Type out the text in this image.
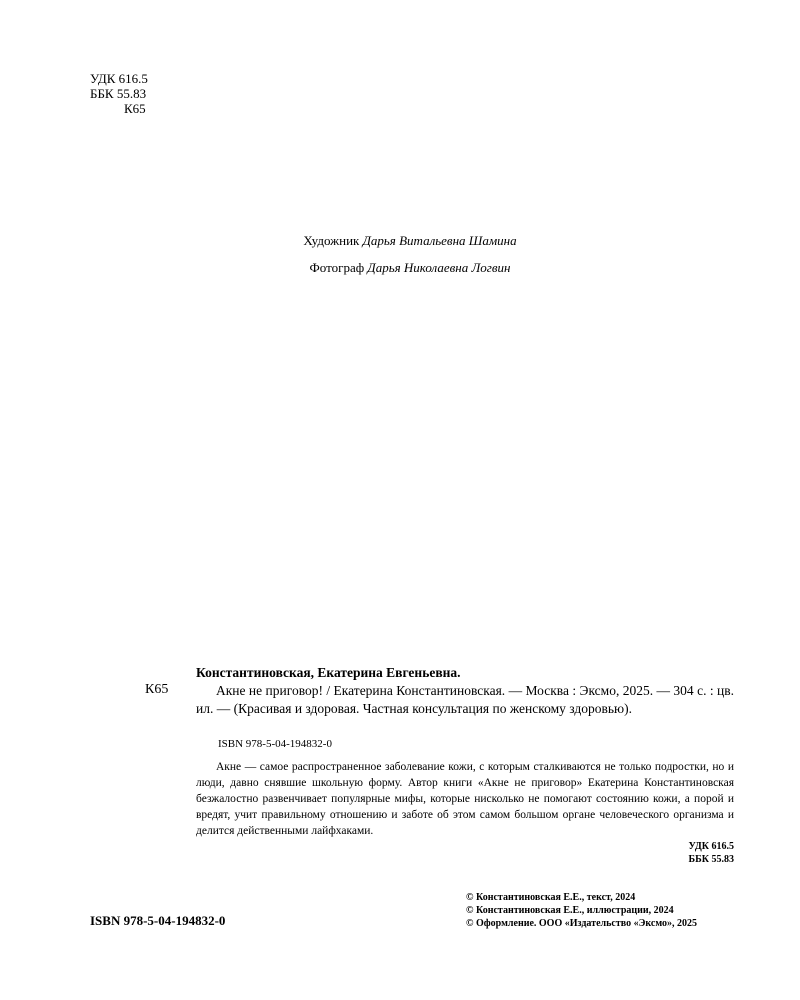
УДК 616.5
ББК 55.83
К65
Художник Дарья Витальевна Шамина
Фотограф Дарья Николаевна Логвин
Константиновская, Екатерина Евгеньевна.
К65	Акне не приговор! / Екатерина Константиновская. — Москва : Эксмо, 2025. — 304 с. : цв. ил. — (Красивая и здоровая. Частная консультация по женскому здоровью).
ISBN 978-5-04-194832-0
Акне — самое распространенное заболевание кожи, с которым сталкиваются не только подростки, но и люди, давно снявшие школьную форму. Автор книги «Акне не приговор» Екатерина Константиновская безжалостно развенчивает популярные мифы, которые нисколько не помогают состоянию кожи, а порой и вредят, учит правильному отношению и заботе об этом самом большом органе человеческого организма и делится действенными лайфхаками.
УДК 616.5
ББК 55.83
ISBN 978-5-04-194832-0
© Константиновская Е.Е., текст, 2024
© Константиновская Е.Е., иллюстрации, 2024
© Оформление. ООО «Издательство «Эксмо», 2025
